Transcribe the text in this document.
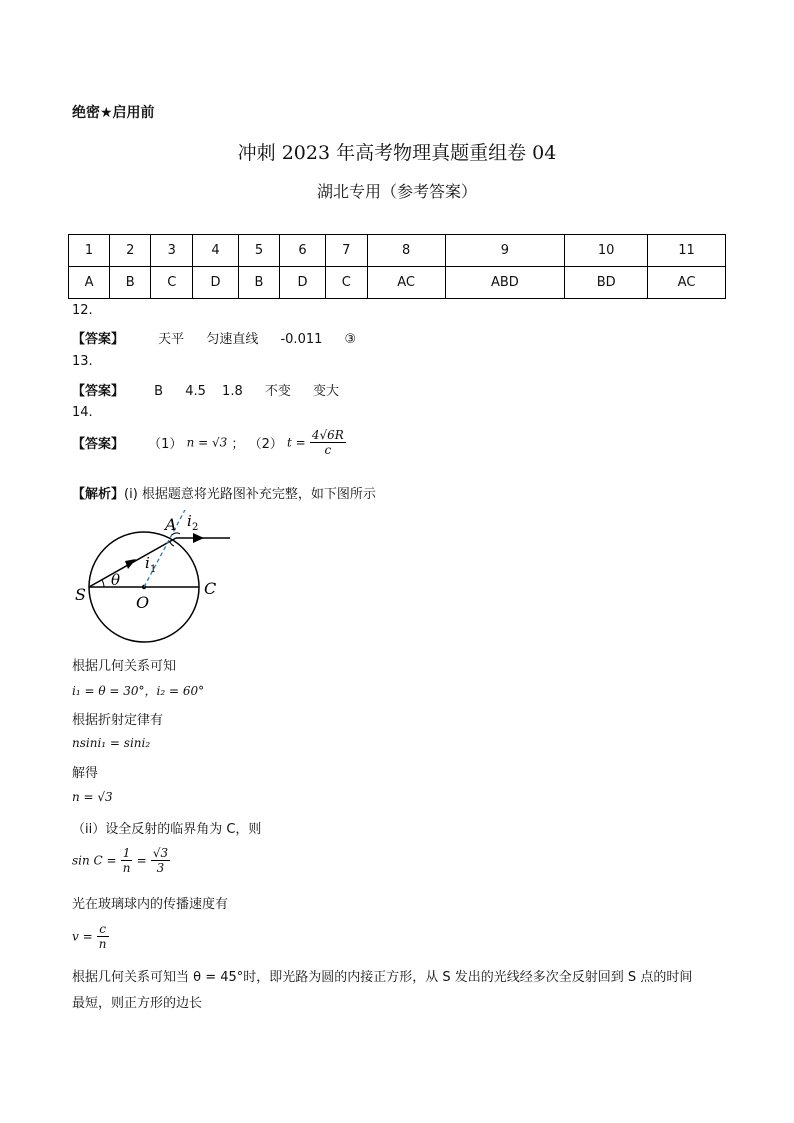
绝密★启用前
冲刺 2023 年高考物理真题重组卷 04
湖北专用（参考答案）
1	2	3	4	5	6	7	8	9	10	11
A	B	C	D	B	D	C	AC	ABD	BD	AC
12.
【答案】	天平 匀速直线 -0.011 ③
13.
【答案】 B 4.5 1.8 不变 变大
14.
【答案】 （1） n = √3 ； （2） $t = \frac{4√6R}{c}$
【解析】(i) 根据题意将光路图补充完整，如下图所示
A
S	C
O
θ
i 1
i 2
根据几何关系可知
i₁ = θ = 30°，i₂ = 60°
根据折射定律有
nsini₁ = sini₂
解得
n = √3
（ii）设全反射的临界角为 C，则
$\sin C = \frac{1}{n} = \frac{√3}{3}$
光在玻璃球内的传播速度有
$v = \frac{c}{n}$
根据几何关系可知当 θ = 45°时，即光路为圆的内接正方形，从 S 发出的光线经多次全反射回到 S 点的时间
最短，则正方形的边长
